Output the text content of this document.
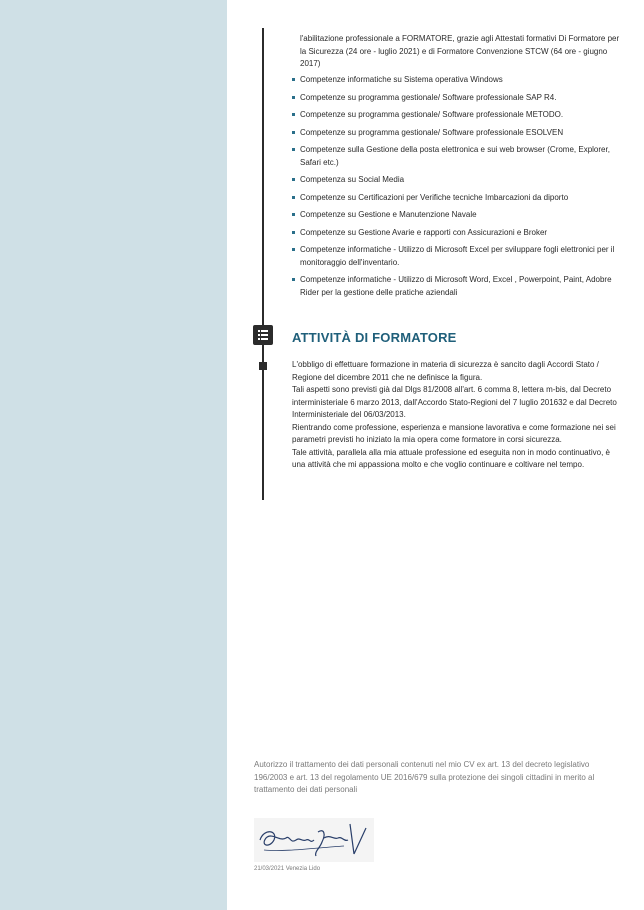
l'abilitazione professionale a FORMATORE, grazie agli Attestati formativi Di Formatore per la Sicurezza (24 ore - luglio 2021) e di Formatore Convenzione STCW (64 ore - giugno 2017)

Competenze informatiche su Sistema operativa Windows
Competenze su programma gestionale/ Software professionale SAP R4.
Competenze su programma gestionale/ Software professionale METODO.
Competenze su programma gestionale/ Software professionale ESOLVEN
Competenze sulla Gestione della posta elettronica e sui web browser (Crome, Explorer, Safari etc.)
Competenza su Social Media
Competenze su Certificazioni per Verifiche tecniche Imbarcazioni da diporto
Competenze su Gestione e Manutenzione Navale
Competenze su Gestione Avarie e rapporti con Assicurazioni e Broker
Competenze informatiche - Utilizzo di Microsoft Excel per sviluppare fogli elettronici per il monitoraggio dell'inventario.
Competenze informatiche - Utilizzo di Microsoft Word, Excel , Powerpoint, Paint, Adobre Rider per la gestione delle pratiche aziendali
ATTIVITÀ DI FORMATORE

L'obbligo di effettuare formazione in materia di sicurezza è sancito dagli Accordi Stato / Regione del dicembre 2011 che ne definisce la figura.

Tali aspetti sono previsti già dal Dlgs 81/2008 all'art. 6 comma 8, lettera m-bis, dal Decreto interministeriale 6 marzo 2013, dall'Accordo Stato-Regioni del 7 luglio 201632 e dal Decreto Interministeriale del 06/03/2013.

Rientrando come professione, esperienza e mansione lavorativa e come formazione nei sei parametri previsti ho iniziato la mia opera come formatore in corsi sicurezza.

Tale attività, parallela alla mia attuale professione ed eseguita non in modo continuativo, è una attività che mi appassiona molto e che voglio continuare e coltivare nel tempo.

Autorizzo il trattamento dei dati personali contenuti nel mio CV ex art. 13 del decreto legislativo 196/2003 e art. 13 del regolamento UE 2016/679 sulla protezione dei singoli cittadini in merito al trattamento dei dati personali

21/03/2021 Venezia Lido
